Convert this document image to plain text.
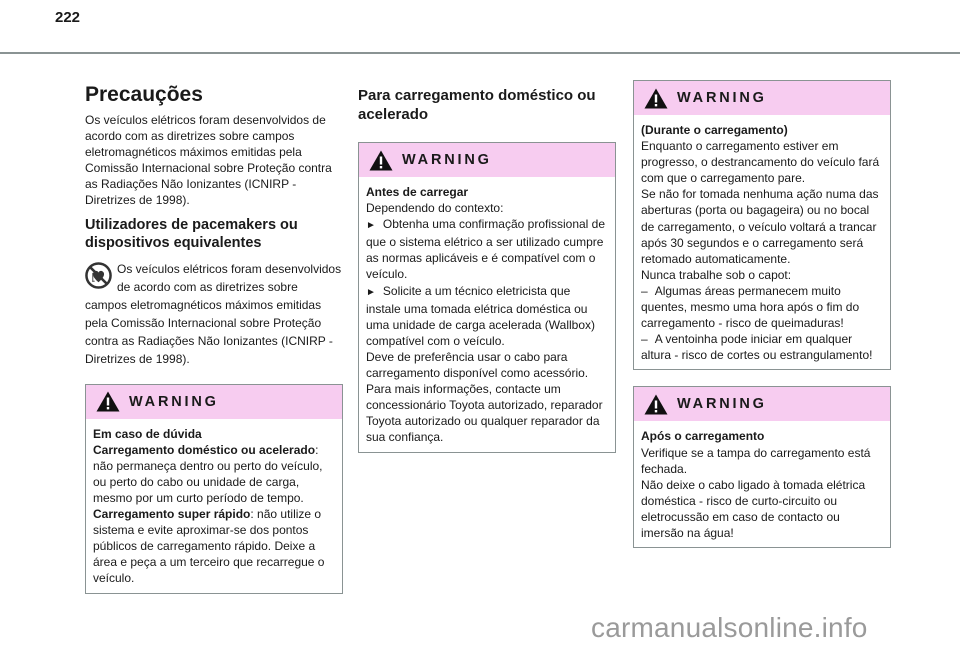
222
Precauções
Os veículos elétricos foram desenvolvidos de acordo com as diretrizes sobre campos eletromagnéticos máximos emitidas pela Comissão Internacional sobre Proteção contra as Radiações Não Ionizantes (ICNIRP - Diretrizes de 1998).
Utilizadores de pacemakers ou dispositivos equivalentes
Os veículos elétricos foram desenvolvidos de acordo com as diretrizes sobre campos eletromagnéticos máximos emitidas pela Comissão Internacional sobre Proteção contra as Radiações Não Ionizantes (ICNIRP - Diretrizes de 1998).
WARNING
Em caso de dúvida
Carregamento doméstico ou acelerado: não permaneça dentro ou perto do veículo, ou perto do cabo ou unidade de carga, mesmo por um curto período de tempo.
Carregamento super rápido: não utilize o sistema e evite aproximar-se dos pontos públicos de carregamento rápido. Deixe a área e peça a um terceiro que recarregue o veículo.
Para carregamento doméstico ou acelerado
WARNING
Antes de carregar
Dependendo do contexto:
► Obtenha uma confirmação profissional de que o sistema elétrico a ser utilizado cumpre as normas aplicáveis e é compatível com o veículo.
► Solicite a um técnico eletricista que instale uma tomada elétrica doméstica ou uma unidade de carga acelerada (Wallbox) compatível com o veículo.
Deve de preferência usar o cabo para carregamento disponível como acessório.
Para mais informações, contacte um concessionário Toyota autorizado, reparador Toyota autorizado ou qualquer reparador da sua confiança.
WARNING
(Durante o carregamento)
Enquanto o carregamento estiver em progresso, o destrancamento do veículo fará com que o carregamento pare.
Se não for tomada nenhuma ação numa das aberturas (porta ou bagageira) ou no bocal de carregamento, o veículo voltará a trancar após 30 segundos e o carregamento será retomado automaticamente.
Nunca trabalhe sob o capot:
– Algumas áreas permanecem muito quentes, mesmo uma hora após o fim do carregamento - risco de queimaduras!
– A ventoinha pode iniciar em qualquer altura - risco de cortes ou estrangulamento!
WARNING
Após o carregamento
Verifique se a tampa do carregamento está fechada.
Não deixe o cabo ligado à tomada elétrica doméstica - risco de curto-circuito ou eletrocussão em caso de contacto ou imersão na água!
carmanualsonline.info
